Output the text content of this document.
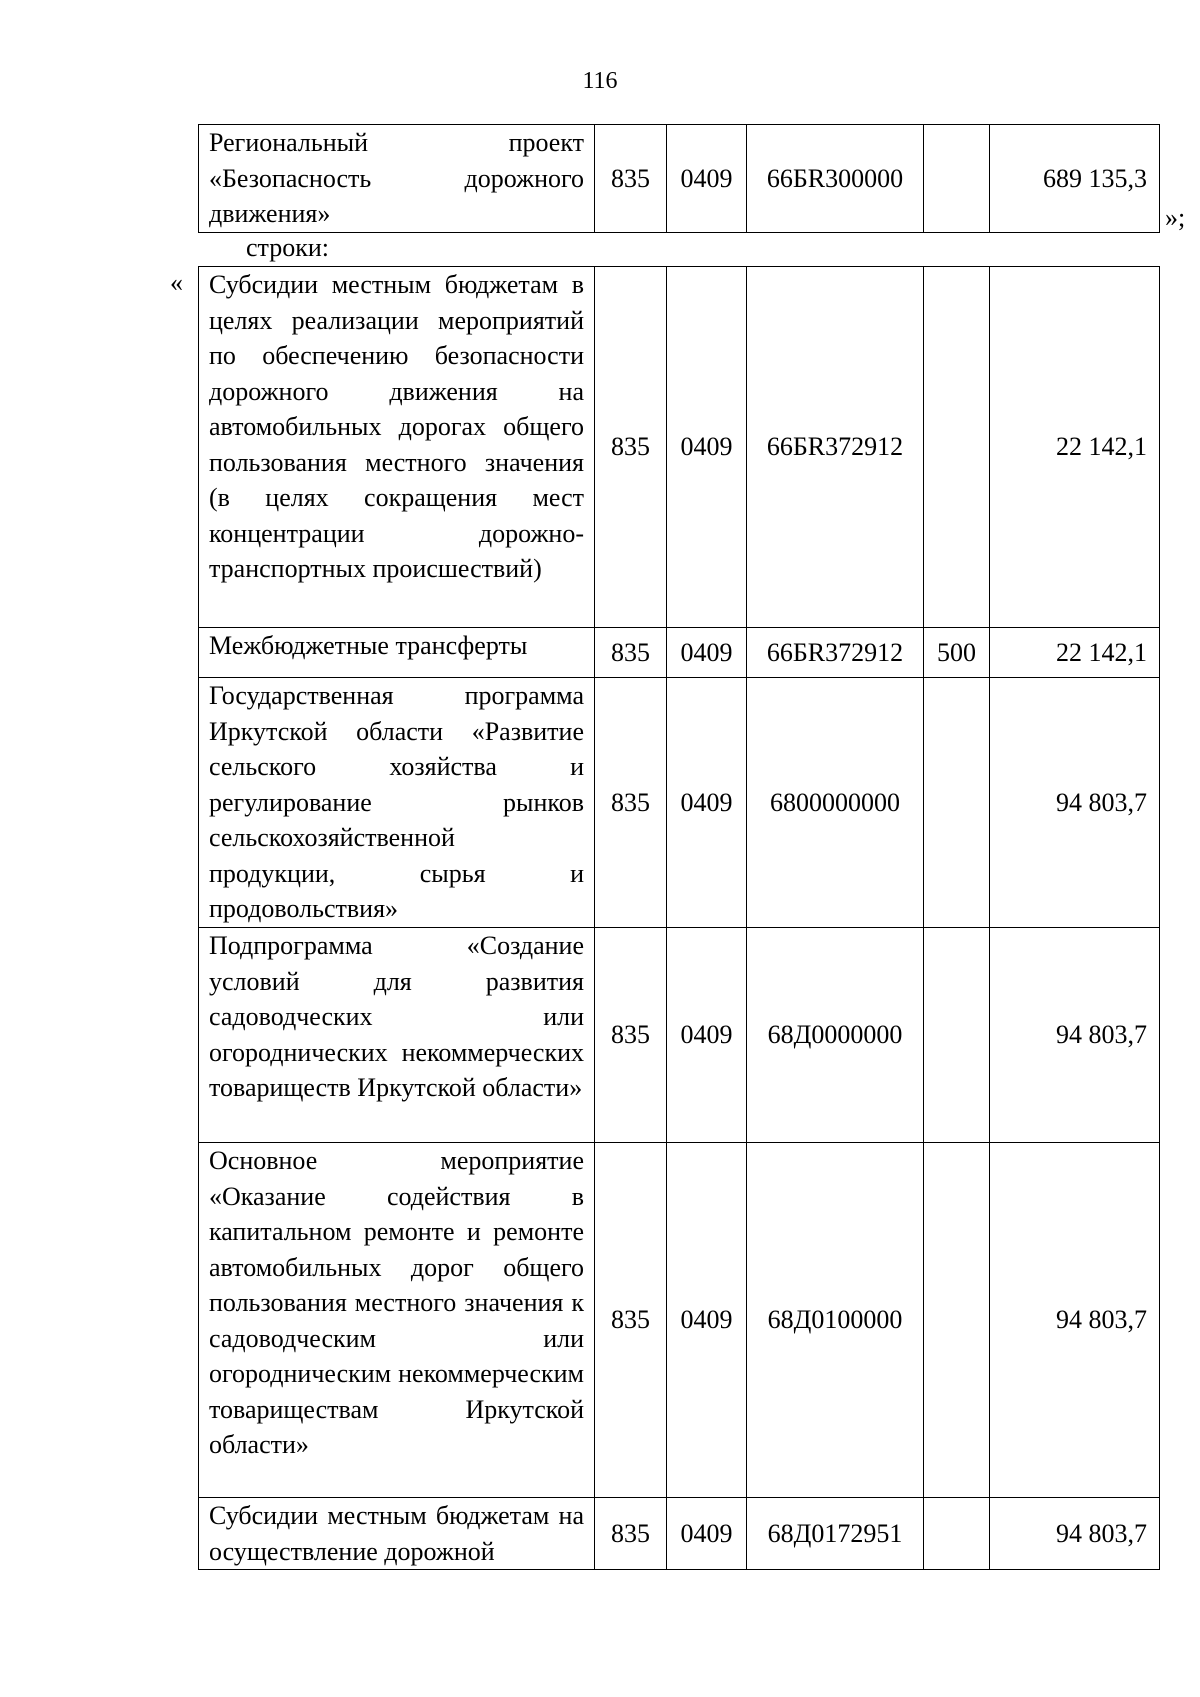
116
Региональный проект «Безопасность дорожного движения»	835	0409	66БR300000		689 135,3
»;
строки:
« Субсидии местным бюджетам в целях реализации мероприятий по обеспечению безопасности дорожного движения на автомобильных дорогах общего пользования местного значения (в целях сокращения мест концентрации дорожно-транспортных происшествий)	835	0409	66БR372912		22 142,1
Межбюджетные трансферты	835	0409	66БR372912	500	22 142,1
Государственная программа Иркутской области «Развитие сельского хозяйства и регулирование рынков сельскохозяйственной продукции, сырья и продовольствия»	835	0409	6800000000		94 803,7
Подпрограмма «Создание условий для развития садоводческих или огороднических некоммерческих товариществ Иркутской области»	835	0409	68Д0000000		94 803,7
Основное мероприятие «Оказание содействия в капитальном ремонте и ремонте автомобильных дорог общего пользования местного значения к садоводческим или огородническим некоммерческим товариществам Иркутской области»	835	0409	68Д0100000		94 803,7
Субсидии местным бюджетам на осуществление дорожной	835	0409	68Д0172951		94 803,7
